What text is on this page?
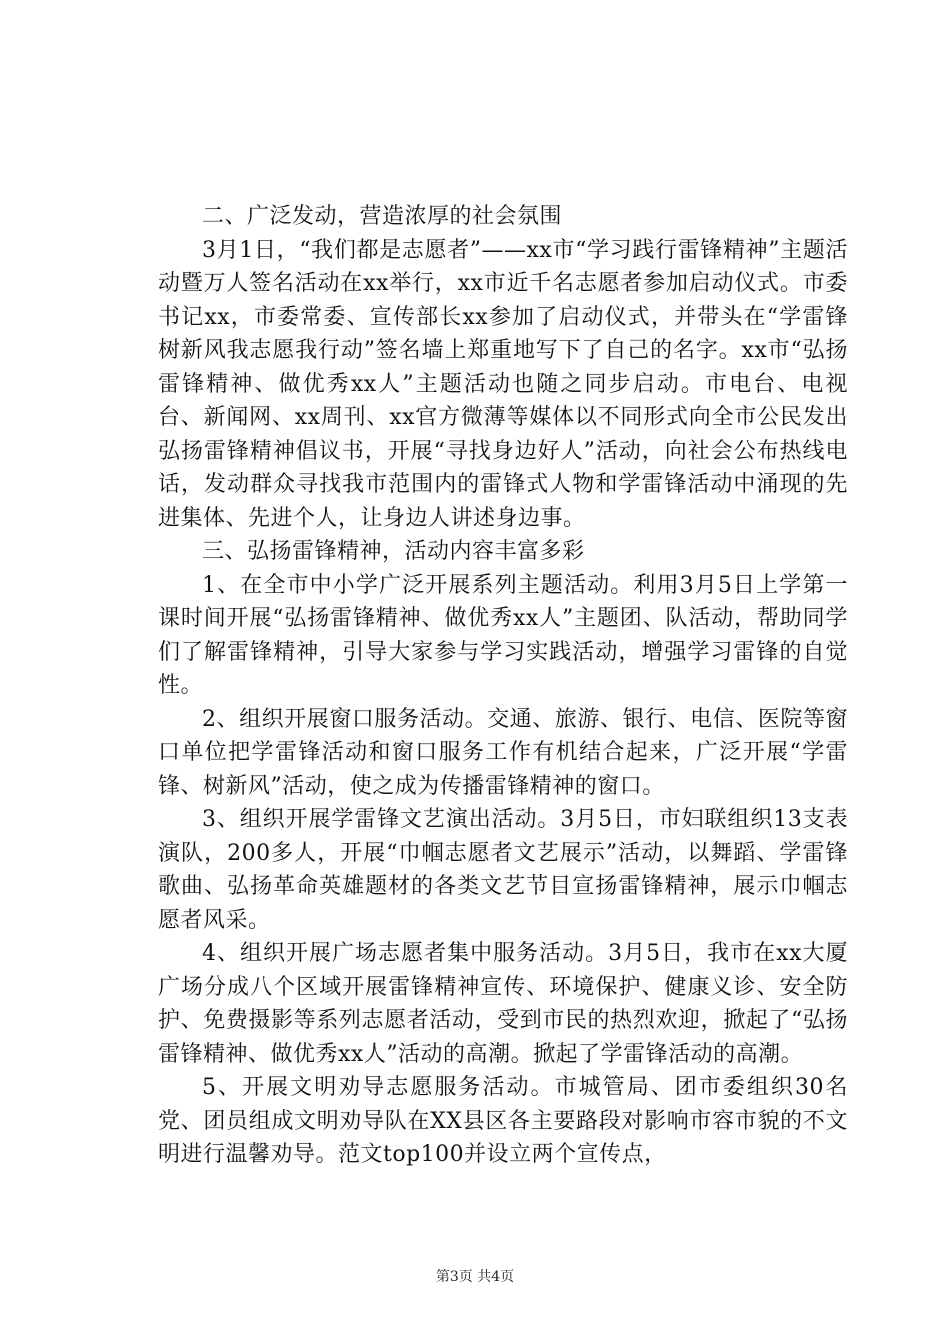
二、广泛发动，营造浓厚的社会氛围

3月1日，“我们都是志愿者”——xx市“学习践行雷锋精神”主题活动暨万人签名活动在xx举行，xx市近千名志愿者参加启动仪式。市委书记xx，市委常委、宣传部长xx参加了启动仪式，并带头在“学雷锋树新风我志愿我行动”签名墙上郑重地写下了自己的名字。xx市“弘扬雷锋精神、做优秀xx人”主题活动也随之同步启动。市电台、电视台、新闻网、xx周刊、xx官方微薄等媒体以不同形式向全市公民发出弘扬雷锋精神倡议书，开展“寻找身边好人”活动，向社会公布热线电话，发动群众寻找我市范围内的雷锋式人物和学雷锋活动中涌现的先进集体、先进个人，让身边人讲述身边事。

三、弘扬雷锋精神，活动内容丰富多彩

1、在全市中小学广泛开展系列主题活动。利用3月5日上学第一课时间开展“弘扬雷锋精神、做优秀xx人”主题团、队活动，帮助同学们了解雷锋精神，引导大家参与学习实践活动，增强学习雷锋的自觉性。

2、组织开展窗口服务活动。交通、旅游、银行、电信、医院等窗口单位把学雷锋活动和窗口服务工作有机结合起来，广泛开展“学雷锋、树新风”活动，使之成为传播雷锋精神的窗口。

3、组织开展学雷锋文艺演出活动。3月5日，市妇联组织13支表演队，200多人，开展“巾帼志愿者文艺展示”活动，以舞蹈、学雷锋歌曲、弘扬革命英雄题材的各类文艺节目宣扬雷锋精神，展示巾帼志愿者风采。

4、组织开展广场志愿者集中服务活动。3月5日，我市在xx大厦广场分成八个区域开展雷锋精神宣传、环境保护、健康义诊、安全防护、免费摄影等系列志愿者活动，受到市民的热烈欢迎，掀起了“弘扬雷锋精神、做优秀xx人”活动的高潮。掀起了学雷锋活动的高潮。

5、开展文明劝导志愿服务活动。市城管局、团市委组织30名党、团员组成文明劝导队在XX县区各主要路段对影响市容市貌的不文明进行温馨劝导。范文top100并设立两个宣传点，

第3页 共4页
